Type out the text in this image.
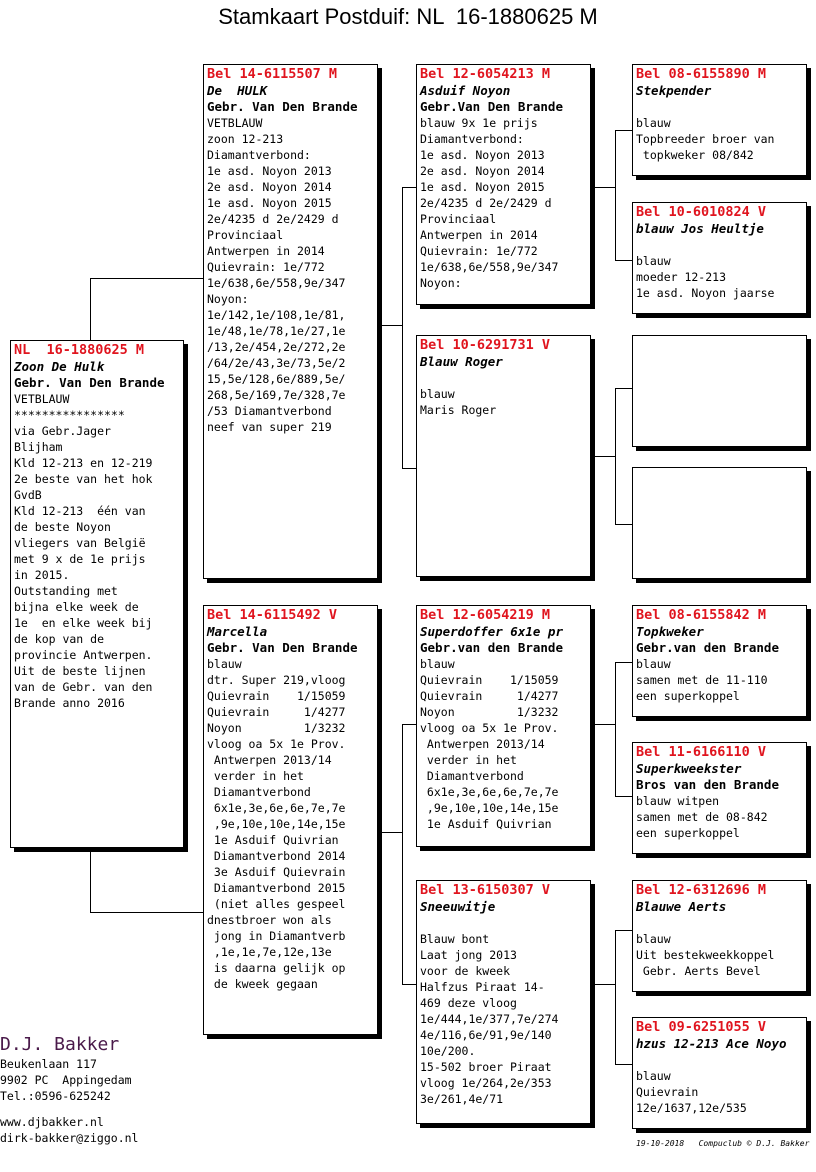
Stamkaart Postduif: NL  16-1880625 M
NL  16-1880625 M
Zoon De Hulk
Gebr. Van Den Brande
VETBLAUW
****************
via Gebr.Jager
Blijham
Kld 12-213 en 12-219
2e beste van het hok
GvdB
Kld 12-213  één van
de beste Noyon
vliegers van België
met 9 x de 1e prijs
in 2015.
Outstanding met
bijna elke week de
1e  en elke week bij
de kop van de
provincie Antwerpen.
Uit de beste lijnen
van de Gebr. van den
Brande anno 2016
Bel 14-6115507 M
De  HULK
Gebr. Van Den Brande
VETBLAUW
zoon 12-213
Diamantverbond:
1e asd. Noyon 2013
2e asd. Noyon 2014
1e asd. Noyon 2015
2e/4235 d 2e/2429 d
Provinciaal
Antwerpen in 2014
Quievrain: 1e/772
1e/638,6e/558,9e/347
Noyon:
1e/142,1e/108,1e/81,
1e/48,1e/78,1e/27,1e
/13,2e/454,2e/272,2e
/64/2e/43,3e/73,5e/2
15,5e/128,6e/889,5e/
268,5e/169,7e/328,7e
/53 Diamantverbond
neef van super 219
Bel 14-6115492 V
Marcella
Gebr. Van Den Brande
blauw
dtr. Super 219,vloog
Quievrain    1/15059
Quievrain     1/4277
Noyon         1/3232
vloog oa 5x 1e Prov.
Antwerpen 2013/14
verder in het
Diamantverbond
6x1e,3e,6e,6e,7e,7e
,9e,10e,10e,14e,15e
1e Asduif Quivrian
Diamantverbond 2014
3e Asduif Quievrain
Diamantverbond 2015
(niet alles gespeel
dnestbroer won als
jong in Diamantverb
,1e,1e,7e,12e,13e
is daarna gelijk op
de kweek gegaan
Bel 12-6054213 M
Asduif Noyon
Gebr.Van Den Brande
blauw 9x 1e prijs
Diamantverbond:
1e asd. Noyon 2013
2e asd. Noyon 2014
1e asd. Noyon 2015
2e/4235 d 2e/2429 d
Provinciaal
Antwerpen in 2014
Quievrain: 1e/772
1e/638,6e/558,9e/347
Noyon:
Bel 10-6291731 V
Blauw Roger
blauw
Maris Roger
Bel 12-6054219 M
Superdoffer 6x1e pr
Gebr.van den Brande
blauw
Quievrain    1/15059
Quievrain     1/4277
Noyon         1/3232
vloog oa 5x 1e Prov.
Antwerpen 2013/14
verder in het
Diamantverbond
6x1e,3e,6e,6e,7e,7e
,9e,10e,10e,14e,15e
1e Asduif Quivrian
Bel 13-6150307 V
Sneeuwitje
Blauw bont
Laat jong 2013
voor de kweek
Halfzus Piraat 14-
469 deze vloog
1e/444,1e/377,7e/274
4e/116,6e/91,9e/140
10e/200.
15-502 broer Piraat
vloog 1e/264,2e/353
3e/261,4e/71
Bel 08-6155890 M
Stekpender
blauw
Topbreeder broer van
topkweker 08/842
Bel 10-6010824 V
blauw Jos Heultje
blauw
moeder 12-213
1e asd. Noyon jaarse
Bel 08-6155842 M
Topkweker
Gebr.van den Brande
blauw
samen met de 11-110
een superkoppel
Bel 11-6166110 V
Superkweekster
Bros van den Brande
blauw witpen
samen met de 08-842
een superkoppel
Bel 12-6312696 M
Blauwe Aerts
blauw
Uit bestekweekkoppel
Gebr. Aerts Bevel
Bel 09-6251055 V
hzus 12-213 Ace Noyo
blauw
Quievrain
12e/1637,12e/535
D.J. Bakker
Beukenlaan 117
9902 PC  Appingedam
Tel.:0596-625242
www.djbakker.nl
dirk-bakker@ziggo.nl	19-10-2018   Compuclub © D.J. Bakker
